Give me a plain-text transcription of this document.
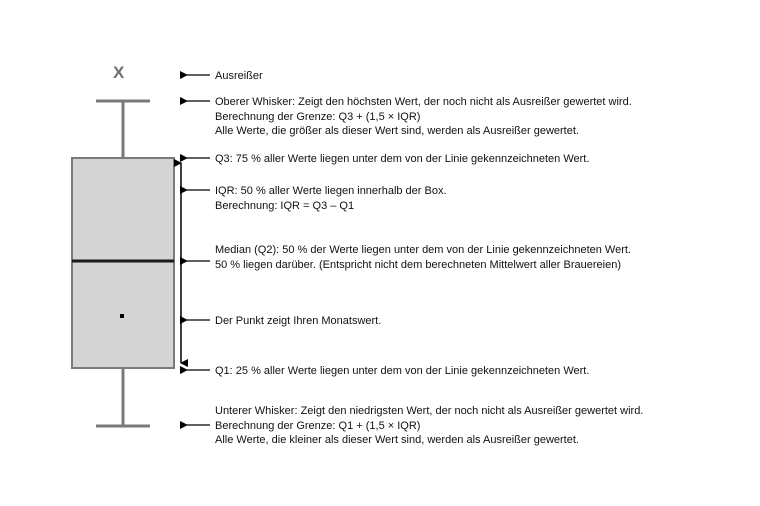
X	Ausreißer
Oberer Whisker: Zeigt den höchsten Wert, der noch nicht als Ausreißer gewertet wird.
Berechnung der Grenze: Q3 + (1,5 × IQR)
Alle Werte, die größer als dieser Wert sind, werden als Ausreißer gewertet.
Q3: 75 % aller Werte liegen unter dem von der Linie gekennzeichneten Wert.
IQR: 50 % aller Werte liegen innerhalb der Box.
Berechnung: IQR = Q3 – Q1
Median (Q2): 50 % der Werte liegen unter dem von der Linie gekennzeichneten Wert.
50 % liegen darüber. (Entspricht nicht dem berechneten Mittelwert aller Brauereien)
Der Punkt zeigt Ihren Monatswert.
Q1: 25 % aller Werte liegen unter dem von der Linie gekennzeichneten Wert.
Unterer Whisker: Zeigt den niedrigsten Wert, der noch nicht als Ausreißer gewertet wird.
Berechnung der Grenze: Q1 + (1,5 × IQR)
Alle Werte, die kleiner als dieser Wert sind, werden als Ausreißer gewertet.
